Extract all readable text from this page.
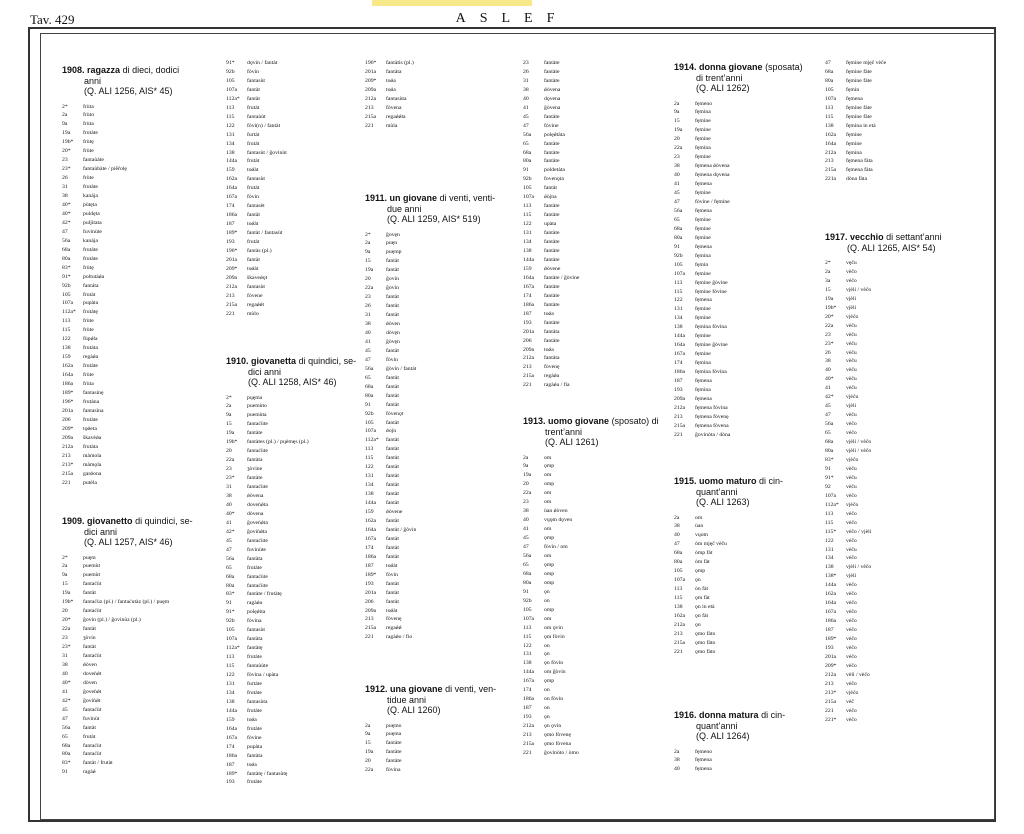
Tav. 429	ASLEF
1908. ragazza di dieci, dodici
anni
(Q. ALI 1256, AIS* 45)
2*	frùta
2a	frùto
9a	frùta
19a	frutàte
19b*	frùtę
20*	frùte
23	fantaùàte
23*	fantaùbàte / piẽŕolę
26	frùte
31	frutàte
38	kanája
40*	pùtęta
40*	puldęta
42*	puljìtata
47	fuvinùte
56a	kanája
68a	frutàte
80a	frutàte
83*	frùtę
91*	poltutàǿa
92b	fantáta
105	frutàt
107a	pupàta
112a*	frutàtę
113	frùte
115	frùte
122	fùpǿla
138	frutàta
159	regàǿa
162a	frutàte
164a	frùte
186a	frùta
189*	fantasinę
196*	frutàna
201a	fantasìna
206	frutàte
209*	tǫǿeta
209a	škavèǿa
212a	frutàta
213	màmola
213*	màmǫla
215a	garǿona
221	putèla
1909. giovanetto di quindici, se-
dici anni
(Q. ALI 1257, AIS* 46)
2*	puęm
2a	puemùt
9a	puemùt
15	fantaćùt
19a	fantàt
19b*	fantaćùz (pl.) / fantaćutàz (pl.) / puęm
20	fantaćùt
20*	ğovin (pl.) / ğovinùz (pl.)
22a	fantàt
23	ʒòvin
23*	fantàt
31	fantaćùt
38	ǿòven
40	doveǹǿt
40*	dòven
41	ğoveǹǿt
42*	ğoviǹǿt
45	fantaćùt
47	fuvinùt
56a	fantàt
65	frutàt
68a	fantaćùt
80a	fantaćùt
83*	fantàt / frutàt
91	ragàǿ
91*	dǫvin / fantàt
92b	fòvin
105	fantasùt
107a	fantàt
112a*	fantàt
113	frutàt
115	fantaùùt
122	fòvi(n) / fantàt
131	furtàt
134	frutàt
138	fantasùt / ğovinùt
144a	frutàt
159	toǿàt
162a	fantasùt
164a	frutàt
167a	fòvin
174	fantasèt
186a	fantàt
187	toǿàt
189*	fantàt / fantasùt
193	frutàt
196*	fantàs (pl.)
201a	fantàt
209*	toǿàt
209a	škaveǿǫt
212a	fantasùt
213	fòvene
215a	regaǿǿt
221	mùlo
1910. giovanetta di quindici, se-
dici anni
(Q. ALI 1258, AIS* 46)
2*	pųęma
2a	puemùto
9a	puemùta
15	fantaćùte
19a	fantàte
19b*	fantàtes (pl.) / pųèmęs (pl.)
20	fantaćùte
22a	fantàta
23	ʒòvine
23*	fantàte
31	fantaćùte
38	ǿòvena
40	doveǹǿta
40*	dòvena
41	ğoveǹǿta
42*	ğoviǹǿta
45	fantaćùte
47	fuvinùte
56a	fantàta
65	frutàte
68a	fantaćùte
80a	fantaćùte
83*	fantàte / frutàtę
91	ragàǿa
91*	polęǿita
92b	fòvina
105	fantasùt
107a	fantàta
112a*	fantàtę
113	frutàte
115	fantaùùte
122	fòvina / upàta
131	furtàte
134	frutàte
138	fantasùta
144a	frutàte
159	toǿa
164a	frutàte
167a	fòvine
174	pupàta
186a	fantàta
187	toǿa
189*	fantàtę / fantasùtę
193	frutàte
196*	fantàtis (pl.)
201a	fantàta
209*	toǿa
209a	toǿa
212a	fantasùta
213	fòvena
215a	regaǿǿta
221	mùla
1911. un giovane di venti, venti-
due anni
(Q. ALI 1259, AIS* 519)
2*	ğovęn
2a	puęn
9a	puęmp
15	fantàt
19a	fantàt
20	ğovin
22a	ğovin
23	fantàt
26	fantàt
31	fantàt
38	ǿòven
40	dòvęn
41	ğòvęn
45	fantàt
47	fòvin
56a	ğòvin / fantàt
65	fantàt
68a	fantàt
80a	fantàt
91	fantàt
92b	fòvenǫt
105	fantàt
107a	ǿojn
112a*	fantàt
113	fantàt
115	fantàt
122	fantàt
131	fantàt
134	fantàt
138	fantàt
144a	fantàt
159	ǿòvene
162a	fantàt
164a	fantàt / ğòvin
167a	fantàt
174	fantàt
186a	fantàt
187	toǿàt
189*	fòvin
193	fantàt
201a	fantàt
206	fantàt
209a	toǿàt
213	fòvenę
215a	regaǿǿ
221	ragàǿo / fio
1912. una giovane di venti, ven-
tidue anni
(Q. ALI 1260)
2a	puęmo
9a	puęma
15	fantàte
19a	fantàte
20	fantàte
22a	fòvina
23	fantàte
26	fantàte
31	fantàte
38	ǿòvena
40	dǫvena
41	ğòvena
45	fantàte
47	fòvine
56a	polęǿtàta
65	fantàte
68a	fantàte
80a	fantàte
91	poldetàta
92b	fovenǫta
105	fantàt
107a	ǿòjna
113	fantàte
115	fantàte
122	upàta
131	fantàte
134	fantàte
138	fantàte
144a	fantàte
159	ǿòvene
164a	fantàte / ğòvine
167a	fantàte
174	fantàte
186a	fantàte
187	toǿa
193	fantàte
201a	fantàta
206	fantàte
209a	toǿa
212a	fantàta
213	fòvenę
215a	regàǿa
221	ragàǿa / fia
1913. uomo giovane (sposato) di
trent’anni
(Q. ALI 1261)
2a	om
9a	ǫmp
19a	om
20	omp
22a	om
23	om
38	ùan ǿòven
40	vųǫm dǫven
41	om
45	ǫmp
47	fòvin / om
56a	om
65	ǫmp
68a	omp
80a	omp
91	ǫn
92b	on
105	omp
107a	om
113	om ǫvin
115	ǫm fòvin
122	on
131	ǫn
138	ǫn fòvin
144a	om ğòvin
167a	ǫmp
174	on
186a	on fòvin
187	on
193	ǫn
212a	ǫn ǫvin
213	ǫmo fòvenę
215a	ǫmo fòvena
221	ğovinòto / òmo
1914. donna giovane (sposata)
di trent’anni
(Q. ALI 1262)
2a	fęmeno
9a	fęmina
15	fęmine
19a	fęmine
20	fęmine
22a	fęmina
23	fęmine
38	fęmena ǿòvena
40	fęmena dǫvena
41	fęmena
45	fęmine
47	fòvine / fęmine
56a	fęmena
65	fęmine
68a	fęmine
80a	fęmine
91	fęmena
92b	fęmina
105	fęmin
107a	fęmine
113	fęmine ğòvine
115	fęmine fòvine
122	fęmena
131	fęmine
134	fęmine
138	fęmina fòvina
144a	fęmine
164a	fęmine ğòvine
167a	fęmine
174	fęmina
186a	fęmina fòvina
187	fęmena
193	fęmina
209a	fęmena
212a	fęmena fòvina
213	fęmena fòvenę
215a	fęmena fòvena
221	ğovinòta / dòna
1915. uomo maturo di cin-
quant’anni
(Q. ALI 1263)
2a	om
38	ùan
40	vųom
47	òm mjęč vèču
68a	òmp fàt
80a	òm fàt
105	ǫmp
107a	ǫn
113	òn fàt
115	ǫm fàt
138	ǫn in età
162a	ǫn fàt
212a	ǫn
213	ǫmo fàto
215a	ǫmo fàto
221	ǫmo fàto
1916. donna matura di cin-
quant’anni
(Q. ALI 1264)
2a	fęmeno
38	fęmena
40	fęmena
47	fęmine mjęč vèče
68a	fęmine fàte
80a	fęmine fàte
105	fęmin
107a	fęmena
113	fęmine fàte
115	fęmine fàte
138	fęmina in età
162a	fęmine
164a	fęmine
212a	fęmina
213	fęmena fàta
215a	fęmena fàta
221a	dòna fàta
1917. vecchio di settant’anni
(Q. ALI 1265, AIS* 54)
2*	vęču
2a	vèčo
3a	vèčo
15	vjèli / vèčo
19a	vjèli
19b*	vjèli
20*	vjèčo
22a	vèču
23	vèču
23*	vèču
26	vèču
38	vèču
40	vèču
40*	vèču
41	vèču
42*	vjèču
45	vjèli
47	vèču
56a	vèčo
65	vèčo
68a	vjèli / vèčo
80a	vjèli / vèčo
83*	vjèčo
91	vèču
91*	vèču
92	vèču
107a	vèčo
112a*	vjèčo
113	vèčo
115	vèčo
115*	vèčo / vjèli
122	vèčo
131	vèču
134	vèčo
138	vjèli / vèčo
138*	vjèli
144a	vèčo
162a	vèčo
164a	vèčo
167a	vèčo
186a	vèčo
187	vèčo
189*	vèčo
193	vèčo
201a	vèčo
209*	vèčo
212a	vèli / vèčo
213	vèčo
213*	vjèčo
215a	vèč
221	vèčo
221*	vèčo
